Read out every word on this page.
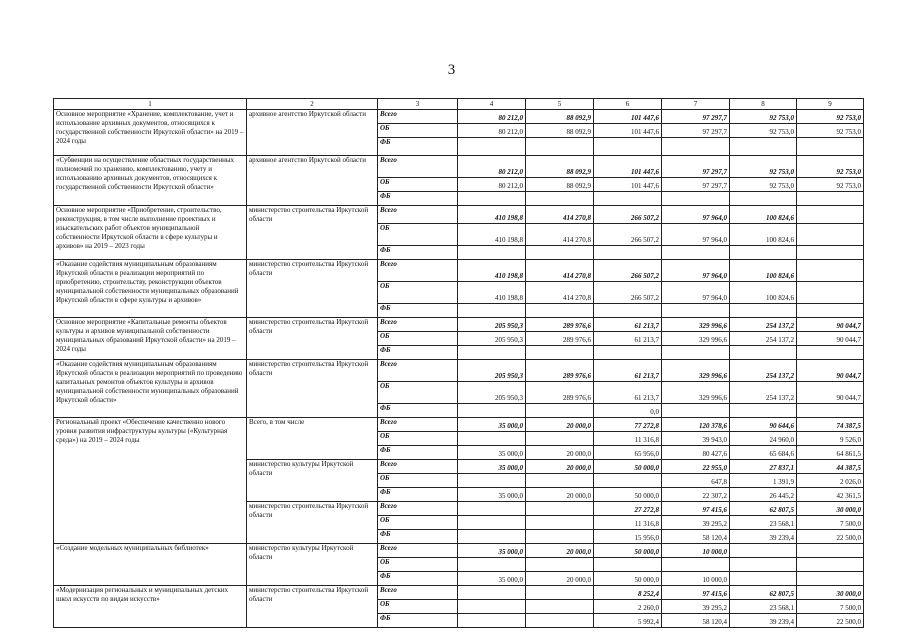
3
1	2	3	4	5	6	7	8	9
Основное мероприятие «Хранение, комплектование, учет и использование архивных документов, относящихся к государственной собственности Иркутской области» на 2019 – 2024 годы	архивное агентство Иркутской области	Всего	80 212,0	88 092,9	101 447,6	97 297,7	92 753,0	92 753,0
		ОБ	80 212,0	88 092,9	101 447,6	97 297,7	92 753,0	92 753,0
		ФБ						
«Субвенции на осуществление областных государственных полномочий по хранению, комплектованию, учету и использованию архивных документов, относящихся к государственной собственности Иркутской области»	архивное агентство Иркутской области	Всего	80 212,0	88 092,9	101 447,6	97 297,7	92 753,0	92 753,0
		ОБ	80 212,0	88 092,9	101 447,6	97 297,7	92 753,0	92 753,0
		ФБ						
Основное мероприятие «Приобретение, строительство, реконструкция, в том числе выполнение проектных и изыскательских работ объектов муниципальной собственности Иркутской области в сфере культуры и архивов» на 2019 – 2023 годы	министерство строительства Иркутской области	Всего	410 198,8	414 270,8	266 507,2	97 964,0	100 824,6	
		ОБ	410 198,8	414 270,8	266 507,2	97 964,0	100 824,6	
		ФБ						
«Оказание содействия муниципальным образованиям Иркутской области в реализации мероприятий по приобретению, строительству, реконструкции объектов муниципальной собственности муниципальных образований Иркутской области в сфере культуры и архивов»	министерство строительства Иркутской области	Всего	410 198,8	414 270,8	266 507,2	97 964,0	100 824,6	
		ОБ	410 198,8	414 270,8	266 507,2	97 964,0	100 824,6	
		ФБ						
Основное мероприятие «Капитальные ремонты объектов культуры и архивов муниципальной собственности муниципальных образований Иркутской области» на 2019 – 2024 годы	министерство строительства Иркутской области	Всего	205 950,3	289 976,6	61 213,7	329 996,6	254 137,2	90 044,7
		ОБ	205 950,3	289 976,6	61 213,7	329 996,6	254 137,2	90 044,7
		ФБ						
«Оказание содействия муниципальным образованиям Иркутской области в реализации мероприятий по проведению капитальных ремонтов объектов культуры и архивов муниципальной собственности муниципальных образований Иркутской области»	министерство строительства Иркутской области	Всего	205 950,3	289 976,6	61 213,7	329 996,6	254 137,2	90 044,7
		ОБ	205 950,3	289 976,6	61 213,7	329 996,6	254 137,2	90 044,7
		ФБ			0,0			
Региональный проект «Обеспечение качественно нового уровня развития инфраструктуры культуры («Культурная среда») на 2019 – 2024 годы	Всего, в том числе	Всего	35 000,0	20 000,0	77 272,8	120 378,6	90 644,6	74 387,5
		ОБ			11 316,8	39 943,0	24 960,0	9 526,0
		ФБ	35 000,0	20 000,0	65 956,0	80 427,6	65 684,6	64 861,5
	министерство культуры Иркутской области	Всего	35 000,0	20 000,0	50 000,0	22 955,0	27 837,1	44 387,5
		ОБ				647,8	1 391,9	2 026,0
		ФБ	35 000,0	20 000,0	50 000,0	22 307,2	26 445,2	42 361,5
	министерство строительства Иркутской области	Всего			27 272,8	97 415,6	62 807,5	30 000,0
		ОБ			11 316,8	39 295,2	23 568,1	7 500,0
		ФБ			15 956,0	58 120,4	39 239,4	22 500,0
«Создание модельных муниципальных библиотек»	министерство культуры Иркутской области	Всего	35 000,0	20 000,0	50 000,0	10 000,0		
		ОБ						
		ФБ	35 000,0	20 000,0	50 000,0	10 000,0		
«Модернизация региональных и муниципальных детских школ искусств по видам искусств»	министерство строительства Иркутской области	Всего			8 252,4	97 415,6	62 807,5	30 000,0
		ОБ			2 260,0	39 295,2	23 568,1	7 500,0
		ФБ			5 992,4	58 120,4	39 239,4	22 500,0
